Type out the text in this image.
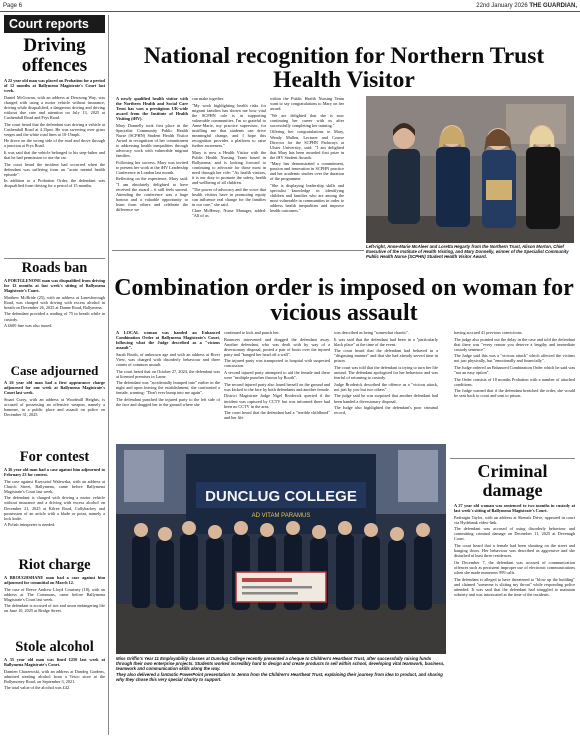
Page 6	22nd January 2026 THE GUARDIAN,
Court reports
Driving offences

A 22 year old man was placed on Probation for a period of 12 months at Ballymena Magistrate's Court last week.

Daniel McGowan, with an address at Dewsong Way, was charged with using a motor vehicle without insurance, driving while disqualified, a dangerous driving and driving without due care and attention on July 13, 2025 at Cushendall Road and Frys Road.

The court heard that the defendant was driving a vehicle at Cushendall Road at 4.15pm. He was swerving over grass verges and the white road lines at 10-15mph.

He drove on the wrong side of the road and drove through a junction at Frys Road.

It was said that the vehicle belonged to his step-father and that he had permission to use the car.

The court heard the incident had occurred when the defendant was suffering from an "acute mental health episode".

In addition to a Probation Order, the defendant was disqualified from driving for a period of 15 months.

Roads ban

A PORTGLENONE man was disqualified from driving for 12 months at last week's sitting of Ballymena Magistrate's Court.

Matthew McBride (25), with an address at Lanesborough Road, was charged with driving with excess alcohol in breath on December 26, 2025 at Dunne Road, Ballymena.

The defendant provided a reading of 75 in breath while in custody.

A £600 fine was also issued.

Case adjourned

A 26 year old man had a first appearance charge adjourned for one week at Ballymena Magistrate's Court last week.

Stuart Curry, with an address at Woodmill Heights, is accused of possessing an offensive weapon, namely a hammer, in a public place and assault on police on December 31, 2025.

For contest

A 36 year old man had a case against him adjourned to February 23 for contest.

The case against Krzysztof Walewska, with an address at Church Street, Ballymena, came before Ballymena Magistrate's Court last week.

The defendant is charged with driving a motor vehicle without insurance and a driving with excess alcohol on December 21, 2025 at Kilree Road, Cullybackey and possession of an article with a blade or point, namely a lock knife.

A Polish interpreter is needed.

Riot charge

A BROUGHSHANE man had a case against him adjourned for committal on March 12.

The case of Reece Andrew Lloyd Courtney (18), with an address at The Commons, came before Ballymena Magistrate's Court last week.

The defendant is accused of riot and arson endangering life on June 10, 2025 at Bridge Street.

Stole alcohol

A 35 year old man was fined £250 last week at Ballymena Magistrate's Court.

Damien Charzewski, with an address at Dundeg Gardens, admitted stealing alcohol from a Tesco store at the Ballymoney Road, on September 3, 2021.

The total value of the alcohol was £42.

National recognition for Northern Trust Health Visitor

A newly qualified health visitor with the Northern Health and Social Care Trust has won a prestigious UK-wide award from the Institute of Health Visiting (iHV).

Mary Donnelly took first place in the Specialist Community Public Health Nurse (SCPHN) Student Health Visitor Award in recognition of her commitment to addressing health inequalities through advocacy work with vulnerable migrant families.

Following her success, Mary was invited to present her work at the iHV Leadership Conference in London last month.

Reflecting on the experience, Mary said: "I am absolutely delighted to have received the award – it still feels surreal. Attending the conference was a huge honour and a valuable opportunity to learn from others and celebrate the difference we

can make together.

"My work highlighting health risks for migrant families has shown me how vital the SCPHN role is in supporting vulnerable communities. I'm so grateful to Anne-Marie, my practice supervisor, for instilling me that students can drive meaningful change, and I hope this recognition provides a platform to raise further awareness."

Mary is now a Health Visitor with the Public Health Nursing Team based in Ballymena, and is looking forward to continuing to advocate for those most in need through her role: "As health visitors, it is our duty to promote the safety, health and wellbeing of all children.

"The power of advocacy and the voice that health visitors have in promoting equity can influence real change for the families in our care," she said.

Clare McHenry, Nurse Manager, added: "All of us

within the Public Health Nursing Team want to say congratulations to Mary on her award.

"We are delighted that she is now continuing her career with us after successfully completing her training."

Offering her congratulations to Mary, Wendy Mullen, Lecturer and Course Director for the SCPHN Pathways at Ulster University, said: "I am delighted that Mary has been awarded first prize in the iHV Student Awards.

"Mary has demonstrated a commitment, passion and innovation in SCPHN practice and her academic studies over the duration of the programme.

"She is displaying leadership skills and specialist knowledge in identifying children and families who are among the most vulnerable in communities in order to address health inequalities and improve health outcomes."

Left-right, Anne-Marie McAleer and Loretta Hegarty from the Northern Trust, Alison Morton, Chief Executive of the Institute of Health Visiting, and Mary Donnelly, winner of the Specialist Community Public Health Nurse (SCPHN) Student Health Visitor Award.
Combination order is imposed on woman for vicious assault

A LOCAL woman was handed an Enhanced Combination Order at Ballymena Magistrate's Court, following what the Judge described as a "vicious assault".

Sarah Booth, of unknown age and with an address at River View, was charged with disorderly behaviour and three counts of common assault.

The court heard that on October 27, 2024, the defendant was at licensed premises in Larne.

The defendant was "accidentally bumped into" earlier in the night and upon leaving the establishment, she confronted a female, warning: "Don't ever bump into me again".

The defendant punched the injured party to the left side of the face and dragged her to the ground where she

continued to kick and punch her.

Bouncers intervened and dragged the defendant away. Another defendant, who was dealt with by way of a diversionary disposal, posted a pair of boots over the injured party and "banged her head off a wall".

The injured party was transported to hospital with suspected concussion.

A second injured party attempted to aid the female and there were "multiple punches thrown by Booth".

The second injured party also found herself on the ground and was kicked to the face by both defendants and another female.

District Magistrate Judge Nigel Broderick queried if the incident was captured by CCTV but was informed there had been no CCTV in the area.

The court heard that the defendant had a "terrible childhood" and her life

was described as being "somewhat chaotic".

It was said that the defendant had been in a "particularly black place" at the time of the event.

The court heard that the defendant had behaved in a "disgusting manner" and that she had already served time in prison.

The court was told that the defendant is trying to turn her life around. The defendant apologised for her behaviour and was fearful of returning to custody.

Judge Broderick described the offence as a "vicious attack, not just by you but two others".

The judge said he was surprised that another defendant had been handed a diversionary disposal.

The Judge also highlighted the defendant's poor criminal record,

having accrued 41 previous convictions.

The judge also pointed out the delay in the case and told the defendant that there was "every reason you deserve a lengthy and immediate custody sentence".

The Judge said this was a "vicious attack" which affected the victims not just physically, but "emotionally and financially".

The Judge ordered an Enhanced Combination Order which he said was "not an easy option".

The Order consists of 18 months Probation with a number of attached conditions.

The Judge warned that if the defendant breached the order, she would be sent back to court and sent to prison.

Criminal damage

A 27 year old woman was sentenced to two months in custody at last week's sitting of Ballymena Magistrate's Court.

Padraigin Taylor, with an address at Skenals Drive, appeared in court via Hydebank video-link.

The defendant was accused of using disorderly behaviour and committing criminal damage on December 11, 2025 at Devenagh Court.

The court heard that a female had been shouting on the street and banging doors. Her behaviour was described as aggressive and she disturbed at least three residences.

On December 7, the defendant was accused of communication offences such as persistent improper use of electronic communications when she made numerous 999 calls.

The defendant is alleged to have threatened to "blow up the building" and claimed "someone is slitting my throat" while responding police attended. It was said that the defendant had struggled to maintain sobriety and was intoxicated at the time of the incidents.

DUNCLUG COLLEGE
AD VITAM PARAMUS
Miss Griffin's Year 11 Employability classes at Dunclug College recently presented a cheque to Children's Heartbeat Trust, after successfully raising funds through their own enterprise projects. Students worked incredibly hard to design and create products to sell within school, developing vital teamwork, business, teamwork and communication skills along the way.
They also delivered a fantastic PowerPoint presentation to Jenna from the Children's Heartbeat Trust, explaining their journey from idea to product, and sharing why they chose this very special charity to support.
